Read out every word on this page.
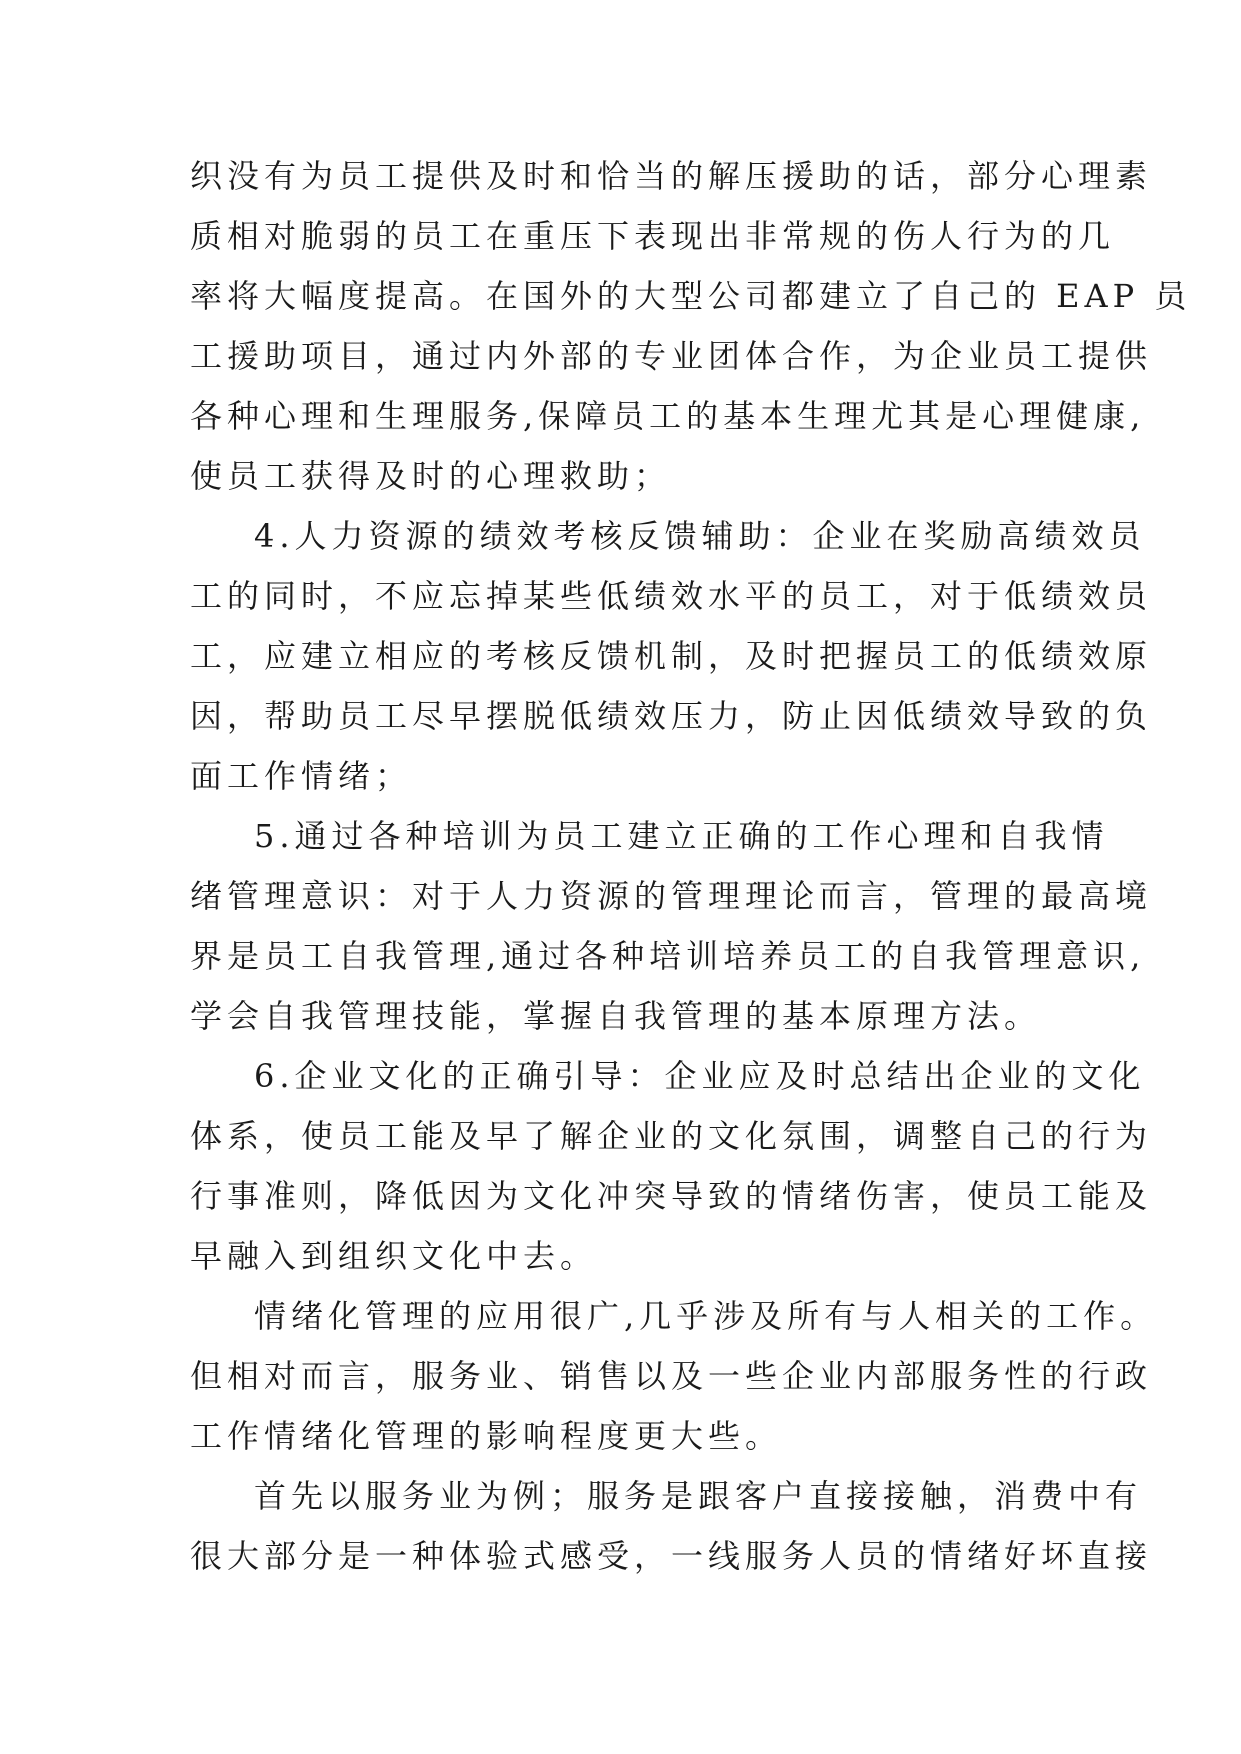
织没有为员工提供及时和恰当的解压援助的话，部分心理素
质相对脆弱的员工在重压下表现出非常规的伤人行为的几
率将大幅度提高。在国外的大型公司都建立了自己的 EAP 员
工援助项目，通过内外部的专业团体合作，为企业员工提供
各种心理和生理服务,保障员工的基本生理尤其是心理健康,
使员工获得及时的心理救助；
4.人力资源的绩效考核反馈辅助：企业在奖励高绩效员
工的同时，不应忘掉某些低绩效水平的员工，对于低绩效员
工，应建立相应的考核反馈机制，及时把握员工的低绩效原
因，帮助员工尽早摆脱低绩效压力，防止因低绩效导致的负
面工作情绪；
5.通过各种培训为员工建立正确的工作心理和自我情
绪管理意识：对于人力资源的管理理论而言，管理的最高境
界是员工自我管理,通过各种培训培养员工的自我管理意识,
学会自我管理技能，掌握自我管理的基本原理方法。
6.企业文化的正确引导：企业应及时总结出企业的文化
体系，使员工能及早了解企业的文化氛围，调整自己的行为
行事准则，降低因为文化冲突导致的情绪伤害，使员工能及
早融入到组织文化中去。
情绪化管理的应用很广,几乎涉及所有与人相关的工作。
但相对而言，服务业、销售以及一些企业内部服务性的行政
工作情绪化管理的影响程度更大些。
首先以服务业为例；服务是跟客户直接接触，消费中有
很大部分是一种体验式感受，一线服务人员的情绪好坏直接
